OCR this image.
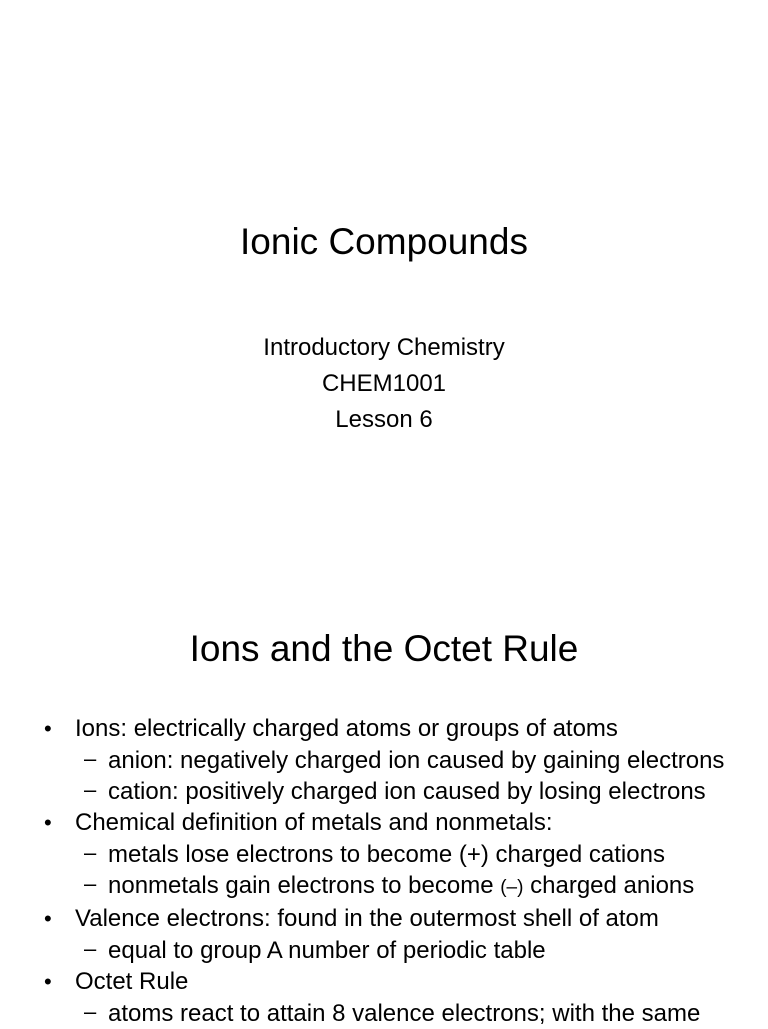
Ionic Compounds
Introductory Chemistry
CHEM1001
Lesson 6
Ions and the Octet Rule
• Ions: electrically charged atoms or groups of atoms
– anion: negatively charged ion caused by gaining electrons
– cation: positively charged ion caused by losing electrons
• Chemical definition of metals and nonmetals:
– metals lose electrons to become (+) charged cations
– nonmetals gain electrons to become (–) charged anions
• Valence electrons: found in the outermost shell of atom
– equal to group A number of periodic table
• Octet Rule
– atoms react to attain 8 valence electrons; with the same
